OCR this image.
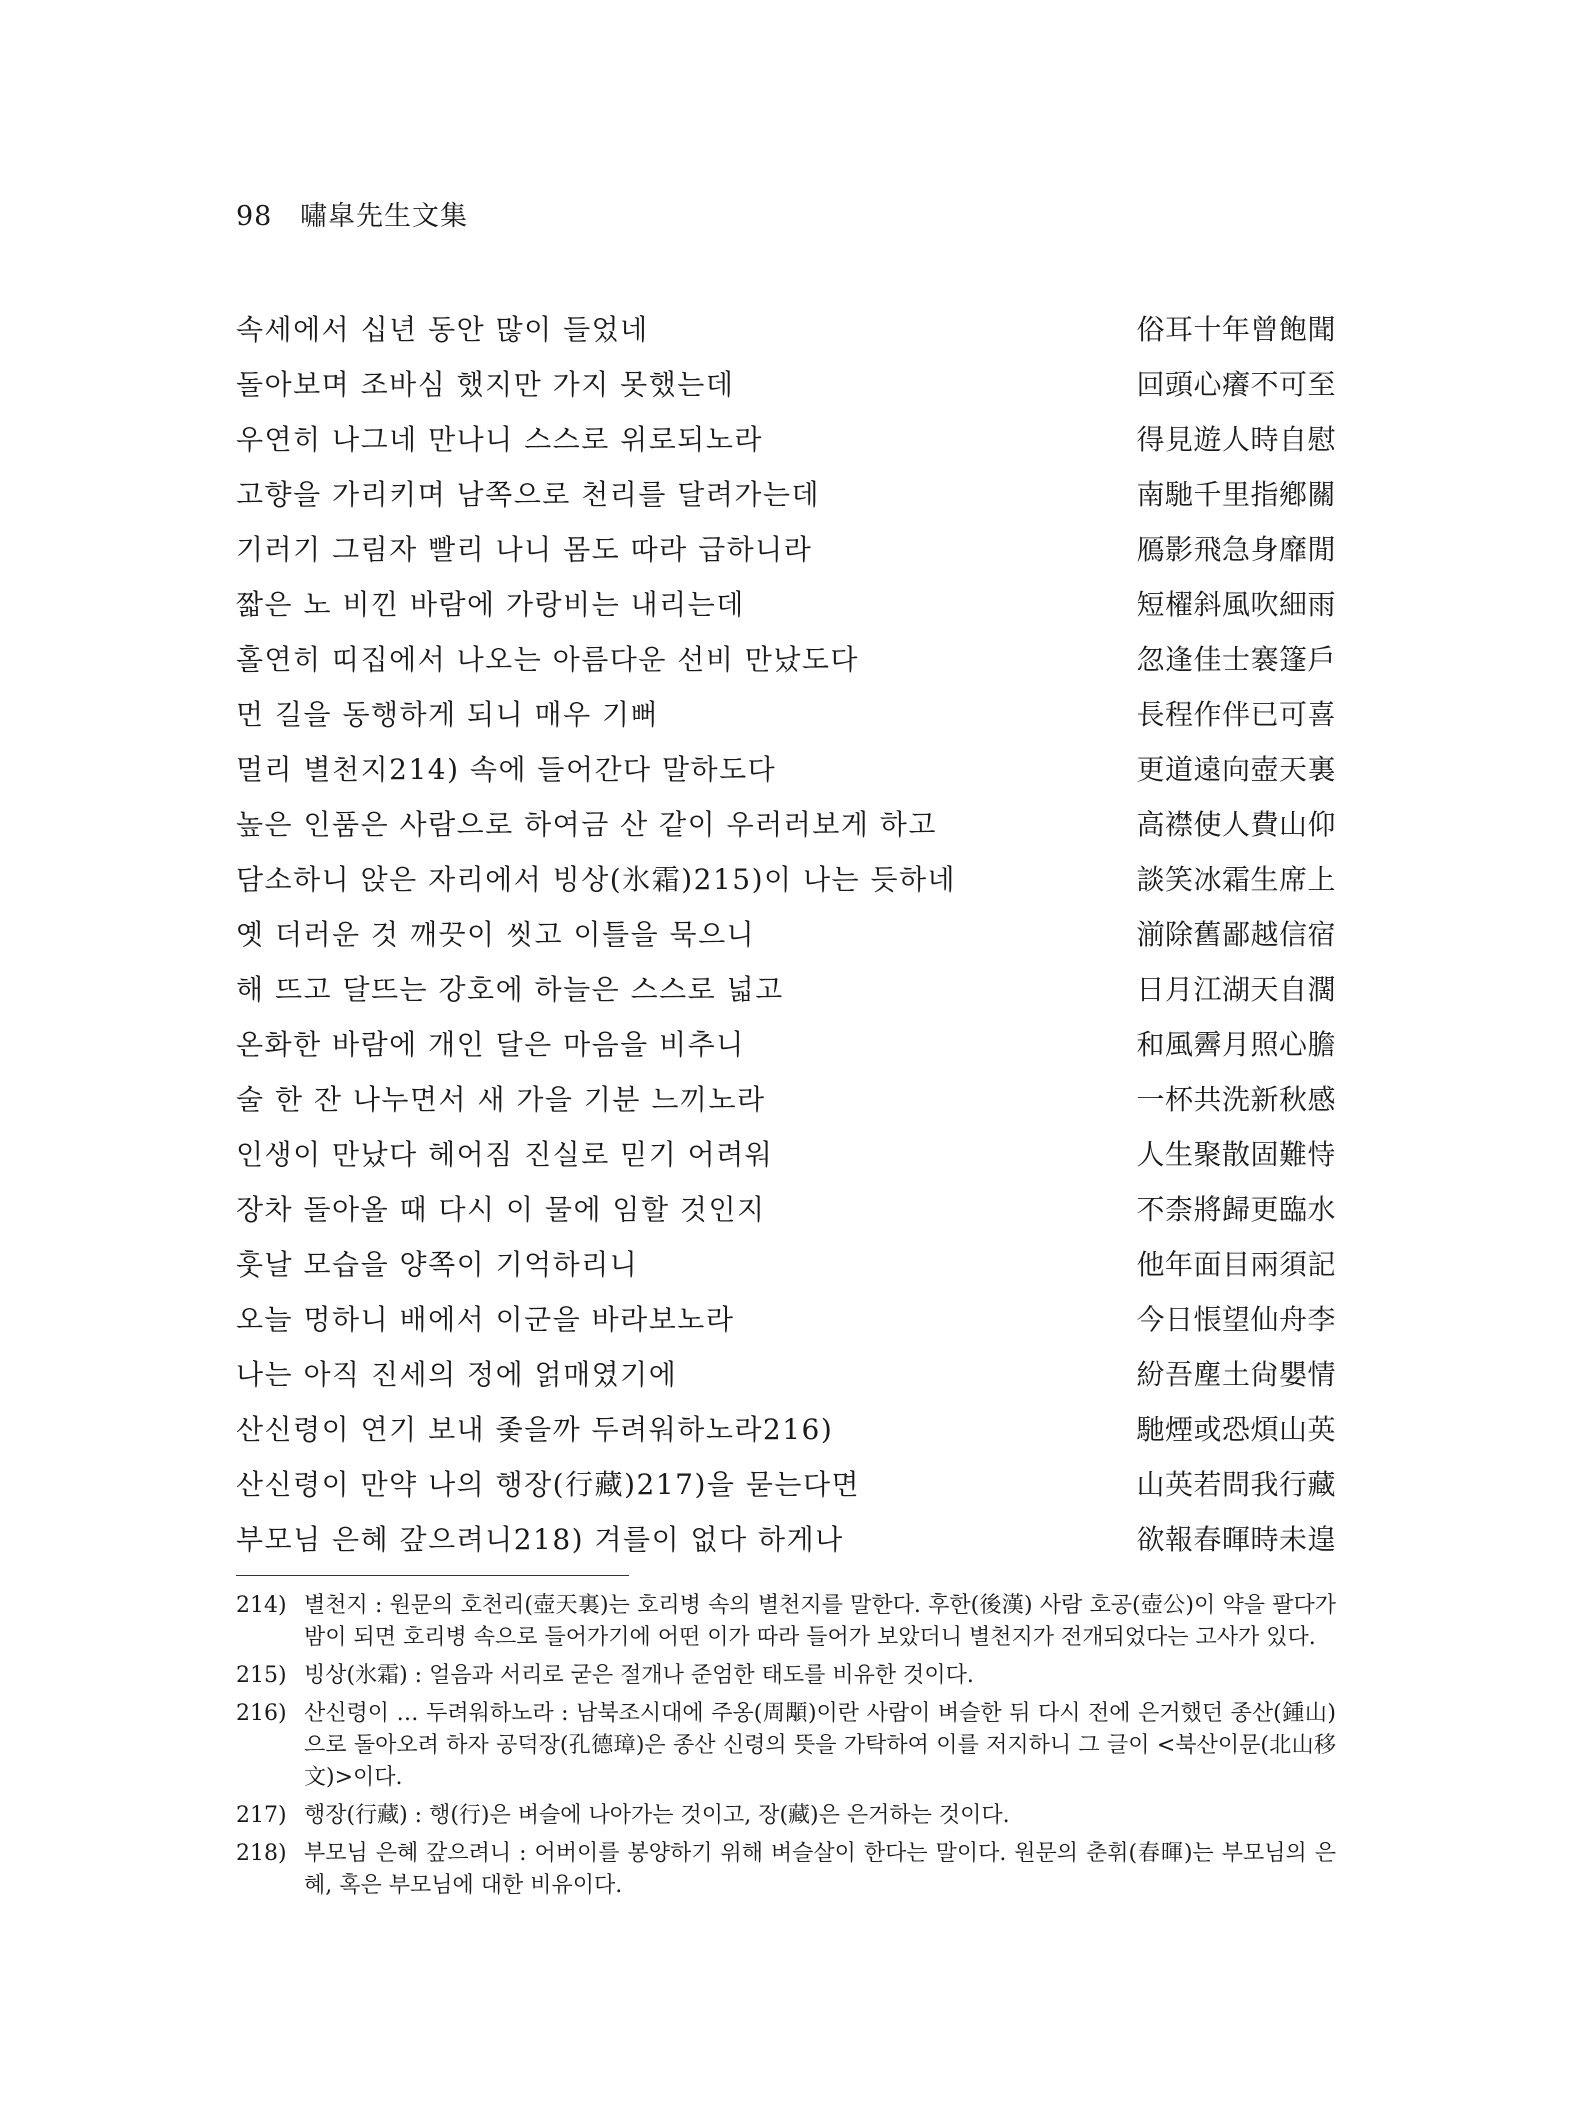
98 嘯皐先生文集
속세에서 십년 동안 많이 들었네	俗耳十年曾飽聞
돌아보며 조바심 했지만 가지 못했는데	回頭心癢不可至
우연히 나그네 만나니 스스로 위로되노라	得見遊人時自慰
고향을 가리키며 남쪽으로 천리를 달려가는데	南馳千里指鄕關
기러기 그림자 빨리 나니 몸도 따라 급하니라	鴈影飛急身靡閒
짧은 노 비낀 바람에 가랑비는 내리는데	短櫂斜風吹細雨
홀연히 띠집에서 나오는 아름다운 선비 만났도다	忽逢佳士褰篷戶
먼 길을 동행하게 되니 매우 기뻐	長程作伴已可喜
멀리 별천지214) 속에 들어간다 말하도다	更道遠向壺天裏
높은 인품은 사람으로 하여금 산 같이 우러러보게 하고	高襟使人費山仰
담소하니 앉은 자리에서 빙상(氷霜)215)이 나는 듯하네	談笑冰霜生席上
옛 더러운 것 깨끗이 씻고 이틀을 묵으니	湔除舊鄙越信宿
해 뜨고 달뜨는 강호에 하늘은 스스로 넓고	日月江湖天自濶
온화한 바람에 개인 달은 마음을 비추니	和風霽月照心膽
술 한 잔 나누면서 새 가을 기분 느끼노라	一杯共洗新秋感
인생이 만났다 헤어짐 진실로 믿기 어려워	人生聚散固難恃
장차 돌아올 때 다시 이 물에 임할 것인지	不柰將歸更臨水
훗날 모습을 양쪽이 기억하리니	他年面目兩須記
오늘 멍하니 배에서 이군을 바라보노라	今日悵望仙舟李
나는 아직 진세의 정에 얽매였기에	紛吾塵土尙嬰情
산신령이 연기 보내 좇을까 두려워하노라216)	馳煙或恐煩山英
산신령이 만약 나의 행장(行藏)217)을 묻는다면	山英若問我行藏
부모님 은혜 갚으려니218) 겨를이 없다 하게나	欲報春暉時未遑
214) 별천지 : 원문의 호천리(壺天裏)는 호리병 속의 별천지를 말한다. 후한(後漢) 사람 호공(壺公)이 약을 팔다가 밤이 되면 호리병 속으로 들어가기에 어떤 이가 따라 들어가 보았더니 별천지가 전개되었다는 고사가 있다.
215) 빙상(氷霜) : 얼음과 서리로 굳은 절개나 준엄한 태도를 비유한 것이다.
216) 산신령이 … 두려워하노라 : 남북조시대에 주옹(周顒)이란 사람이 벼슬한 뒤 다시 전에 은거했던 종산(鍾山)으로 돌아오려 하자 공덕장(孔德璋)은 종산 신령의 뜻을 가탁하여 이를 저지하니 그 글이 <북산이문(北山移文)>이다.
217) 행장(行藏) : 행(行)은 벼슬에 나아가는 것이고, 장(藏)은 은거하는 것이다.
218) 부모님 은혜 갚으려니 : 어버이를 봉양하기 위해 벼슬살이 한다는 말이다. 원문의 춘휘(春暉)는 부모님의 은혜, 혹은 부모님에 대한 비유이다.
